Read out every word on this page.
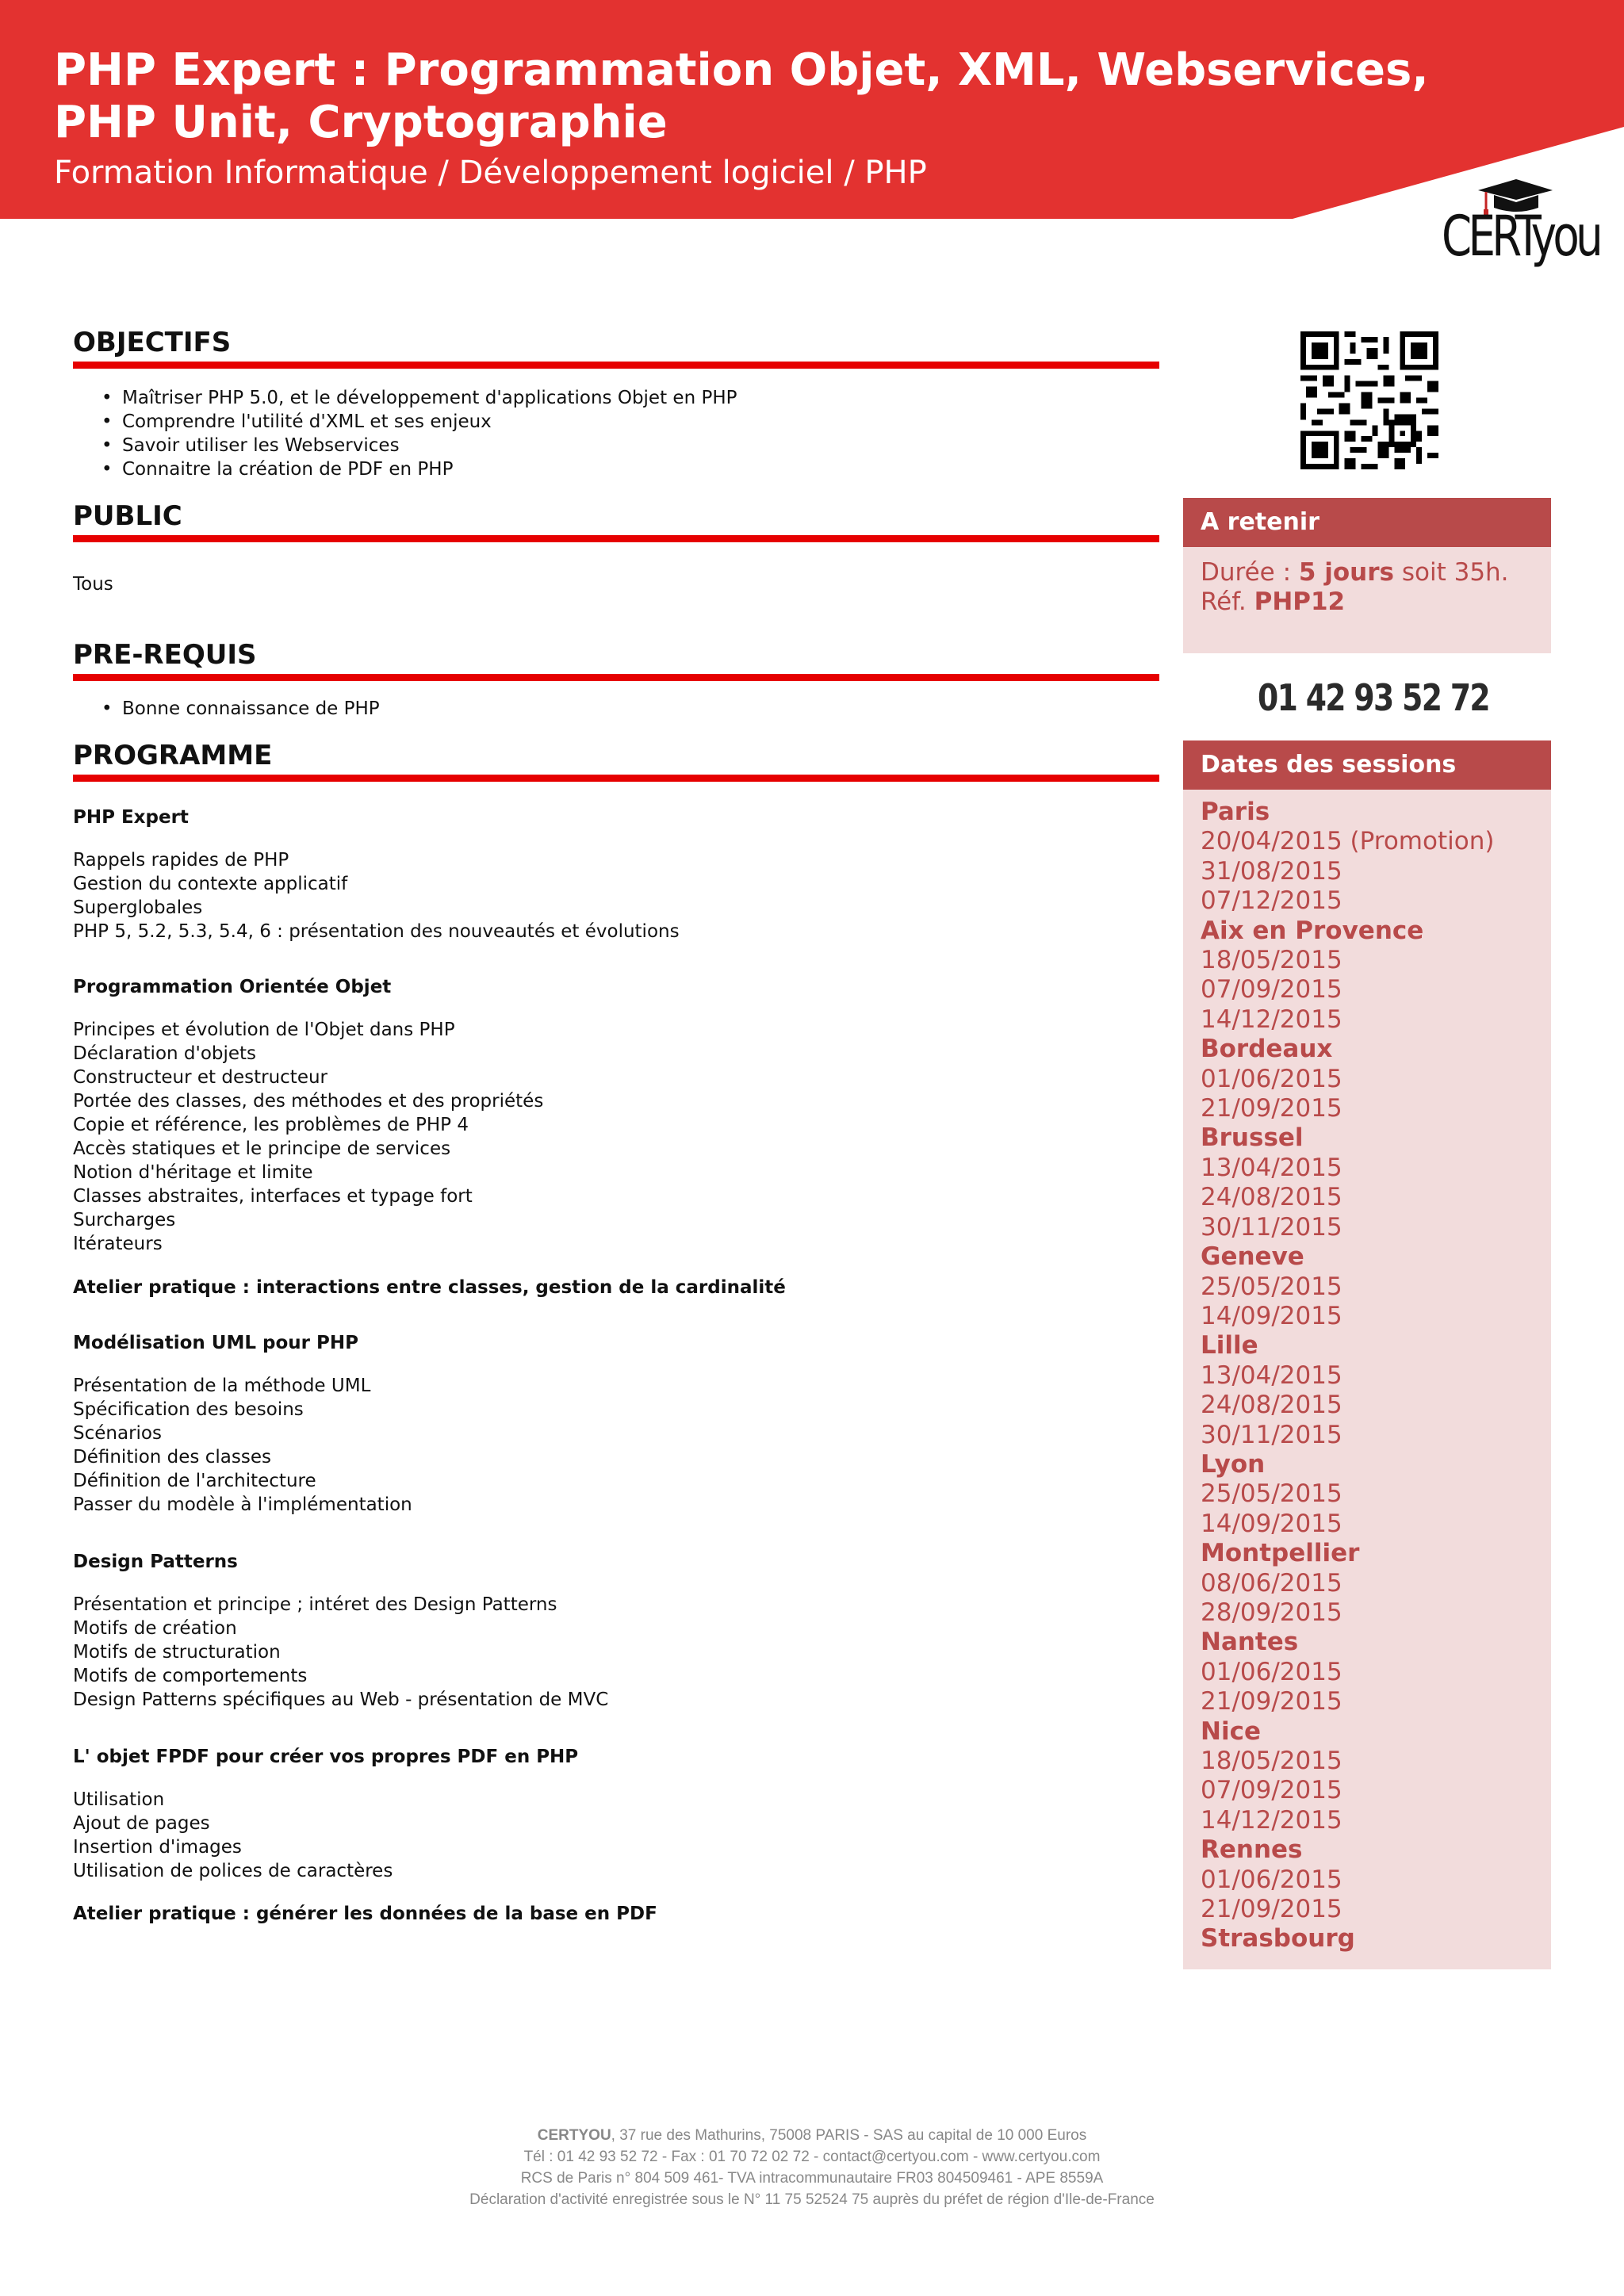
PHP Expert : Programmation Objet, XML, Webservices, PHP Unit, Cryptographie

Formation Informatique / Développement logiciel / PHP

CERTyou
OBJECTIFS
• Maîtriser PHP 5.0, et le développement d'applications Objet en PHP
• Comprendre l'utilité d'XML et ses enjeux
• Savoir utiliser les Webservices
• Connaitre la création de PDF en PHP
PUBLIC

Tous

PRE-REQUIS
• Bonne connaissance de PHP
PROGRAMME

PHP Expert

Rappels rapides de PHP
Gestion du contexte applicatif
Superglobales
PHP 5, 5.2, 5.3, 5.4, 6 : présentation des nouveautés et évolutions

Programmation Orientée Objet

Principes et évolution de l'Objet dans PHP
Déclaration d'objets
Constructeur et destructeur
Portée des classes, des méthodes et des propriétés
Copie et référence, les problèmes de PHP 4
Accès statiques et le principe de services
Notion d'héritage et limite
Classes abstraites, interfaces et typage fort
Surcharges
Itérateurs

Atelier pratique : interactions entre classes, gestion de la cardinalité

Modélisation UML pour PHP

Présentation de la méthode UML
Spécification des besoins
Scénarios
Définition des classes
Définition de l'architecture
Passer du modèle à l'implémentation

Design Patterns

Présentation et principe ; intéret des Design Patterns
Motifs de création
Motifs de structuration
Motifs de comportements
Design Patterns spécifiques au Web - présentation de MVC

L' objet FPDF pour créer vos propres PDF en PHP

Utilisation
Ajout de pages
Insertion d'images
Utilisation de polices de caractères

Atelier pratique : générer les données de la base en PDF

A retenir
Durée : 5 jours soit 35h.
Réf. PHP12
01 42 93 52 72
Dates des sessions
Paris
20/04/2015 (Promotion)
31/08/2015
07/12/2015
Aix en Provence
18/05/2015
07/09/2015
14/12/2015
Bordeaux
01/06/2015
21/09/2015
Brussel
13/04/2015
24/08/2015
30/11/2015
Geneve
25/05/2015
14/09/2015
Lille
13/04/2015
24/08/2015
30/11/2015
Lyon
25/05/2015
14/09/2015
Montpellier
08/06/2015
28/09/2015
Nantes
01/06/2015
21/09/2015
Nice
18/05/2015
07/09/2015
14/12/2015
Rennes
01/06/2015
21/09/2015
Strasbourg
CERTYOU, 37 rue des Mathurins, 75008 PARIS - SAS au capital de 10 000 Euros
Tél : 01 42 93 52 72 - Fax : 01 70 72 02 72 - contact@certyou.com - www.certyou.com
RCS de Paris n° 804 509 461- TVA intracommunautaire FR03 804509461 - APE 8559A
Déclaration d'activité enregistrée sous le N° 11 75 52524 75 auprès du préfet de région d'Ile-de-France
